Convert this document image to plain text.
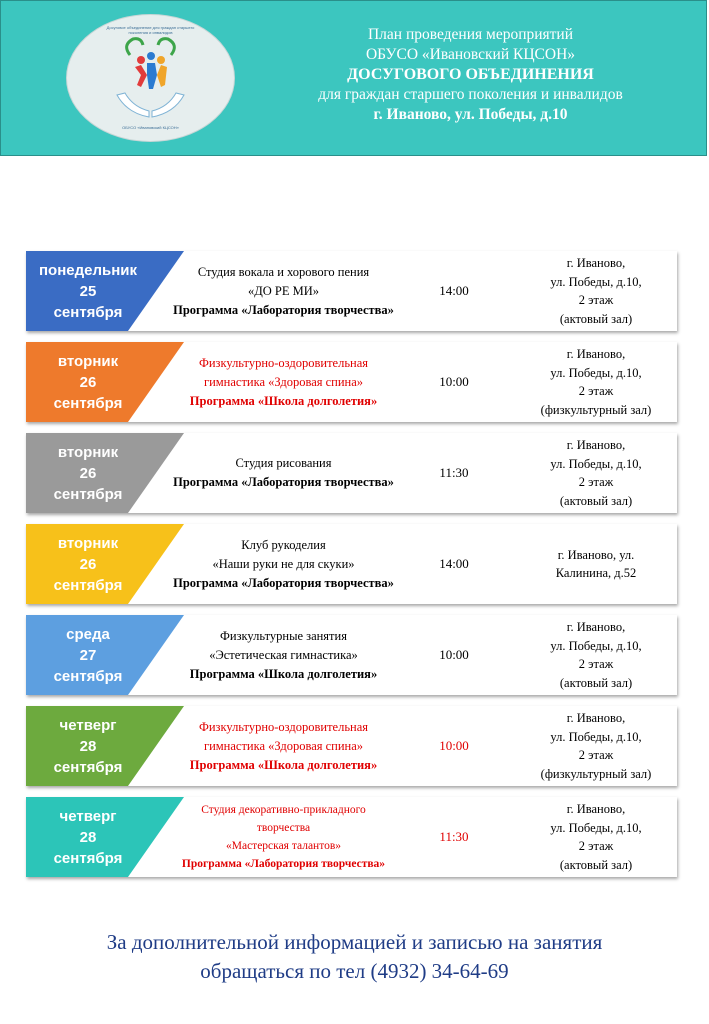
Досуговое объединение для граждан старшего поколения и инвалидов
ОБУСО «Ивановский КЦСОН»
План проведения мероприятий
ОБУСО «Ивановский КЦСОН»
ДОСУГОВОГО ОБЪЕДИНЕНИЯ
для граждан старшего поколения и инвалидов
г. Иваново, ул. Победы, д.10
понедельник
25
сентября
Студия вокала и хорового пения
«ДО РЕ МИ»
Программа «Лаборатория творчества»
14:00
г. Иваново,
ул. Победы, д.10,
2 этаж
(актовый зал)
вторник
26
сентября
Физкультурно-оздоровительная
гимнастика «Здоровая спина»
Программа «Школа долголетия»
10:00
г. Иваново,
ул. Победы, д.10,
2 этаж
(физкультурный зал)
вторник
26
сентября
Студия рисования
Программа «Лаборатория творчества»
11:30
г. Иваново,
ул. Победы, д.10,
2 этаж
(актовый зал)
вторник
26
сентября
Клуб рукоделия
«Наши руки не для скуки»
Программа «Лаборатория творчества»
14:00
г. Иваново, ул.
Калинина, д.52
среда
27
сентября
Физкультурные занятия
«Эстетическая гимнастика»
Программа «Школа долголетия»
10:00
г. Иваново,
ул. Победы, д.10,
2 этаж
(актовый зал)
четверг
28
сентября
Физкультурно-оздоровительная
гимнастика «Здоровая спина»
Программа «Школа долголетия»
10:00
г. Иваново,
ул. Победы, д.10,
2 этаж
(физкультурный зал)
четверг
28
сентября
Студия декоративно-прикладного
творчества
«Мастерская талантов»
Программа «Лаборатория творчества»
11:30
г. Иваново,
ул. Победы, д.10,
2 этаж
(актовый зал)
За дополнительной информацией и записью на занятия
обращаться по тел (4932) 34-64-69
